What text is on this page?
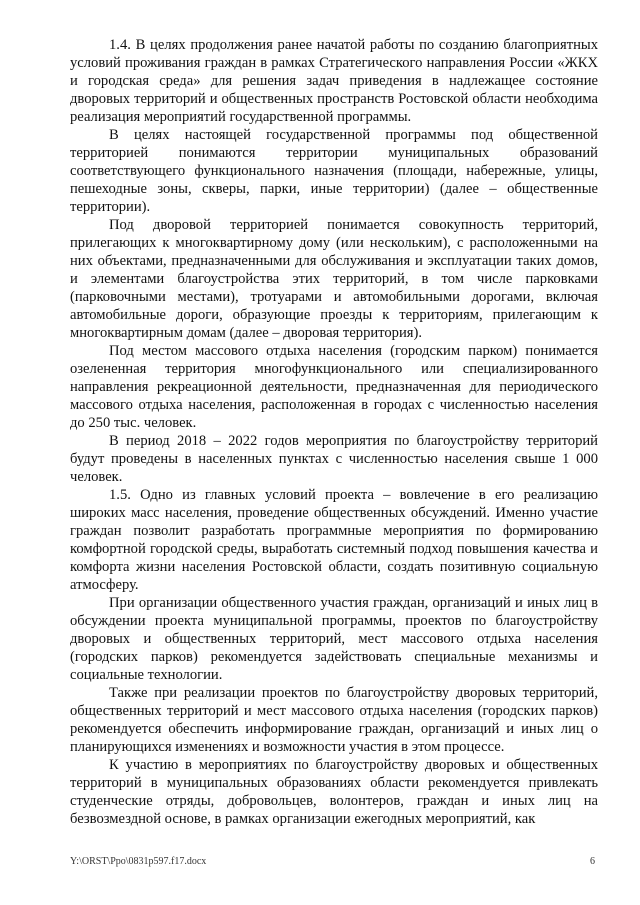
1.4. В целях продолжения ранее начатой работы по созданию благоприятных условий проживания граждан в рамках Стратегического направления России «ЖКХ и городская среда» для решения задач приведения в надлежащее состояние дворовых территорий и общественных пространств Ростовской области необходима реализация мероприятий государственной программы.

В целях настоящей государственной программы под общественной территорией понимаются территории муниципальных образований соответствующего функционального назначения (площади, набережные, улицы, пешеходные зоны, скверы, парки, иные территории) (далее – общественные территории).

Под дворовой территорией понимается совокупность территорий, прилегающих к многоквартирному дому (или нескольким), с расположенными на них объектами, предназначенными для обслуживания и эксплуатации таких домов, и элементами благоустройства этих территорий, в том числе парковками (парковочными местами), тротуарами и автомобильными дорогами, включая автомобильные дороги, образующие проезды к территориям, прилегающим к многоквартирным домам (далее – дворовая территория).

Под местом массового отдыха населения (городским парком) понимается озелененная территория многофункционального или специализированного направления рекреационной деятельности, предназначенная для периодического массового отдыха населения, расположенная в городах с численностью населения до 250 тыс. человек.

В период 2018 – 2022 годов мероприятия по благоустройству территорий будут проведены в населенных пунктах с численностью населения свыше 1 000 человек.

1.5. Одно из главных условий проекта – вовлечение в его реализацию широких масс населения, проведение общественных обсуждений. Именно участие граждан позволит разработать программные мероприятия по формированию комфортной городской среды, выработать системный подход повышения качества и комфорта жизни населения Ростовской области, создать позитивную социальную атмосферу.

При организации общественного участия граждан, организаций и иных лиц в обсуждении проекта муниципальной программы, проектов по благоустройству дворовых и общественных территорий, мест массового отдыха населения (городских парков) рекомендуется задействовать специальные механизмы и социальные технологии.

Также при реализации проектов по благоустройству дворовых территорий, общественных территорий и мест массового отдыха населения (городских парков) рекомендуется обеспечить информирование граждан, организаций и иных лиц о планирующихся изменениях и возможности участия в этом процессе.

К участию в мероприятиях по благоустройству дворовых и общественных территорий в муниципальных образованиях области рекомендуется привлекать студенческие отряды, добровольцев, волонтеров, граждан и иных лиц на безвозмездной основе, в рамках организации ежегодных мероприятий, как

Y:\ORST\Ppo\0831p597.f17.docx	6
